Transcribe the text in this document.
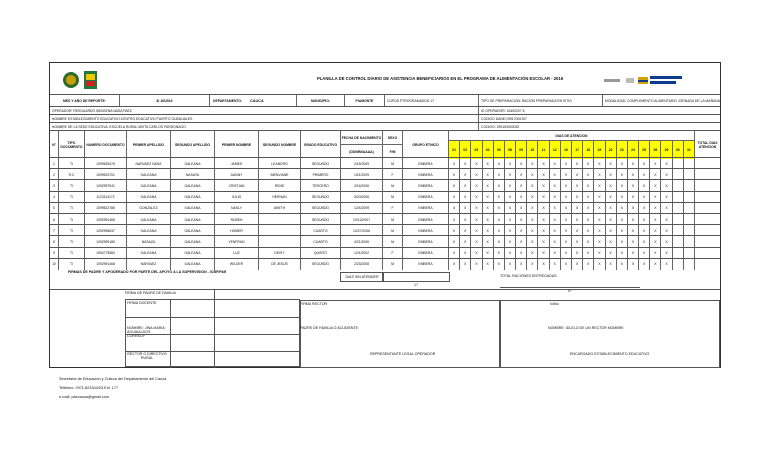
PLANILLA DE CONTROL DIARIO DE ASISTENCIA BENEFICIARIOS EN EL PROGRAMA DE ALIMENTACIÓN ESCOLAR - 2016
MES Y AÑO DE REPORTE:	8/ 16/2016	DEPARTAMENTO:	CAUCA	MUNICIPIO:	PIAMONTE	CUPOS PTROGRAMADOS 17	TIPO DE PREPARACION: RACION PREPARADA EN SITIO	MODALIDAD: COMPLEMENTO ALIMENTARIO JORNADA DE LA MAÑANA
OPERADOR: RESGUARDO INDIGENA NASA PAEZ	ID OPERADOR: 16400207 6
NOMBRE ESTABLECIMIENTO EDUCATIVO:CENTRO EDUCATIVO PUERTO GUADUALES	CODIGO DANE:19917000197
NOMBRE DE LA SEDE EDUCATIVA: ESCUELA RURAL MIXTA CARLOS PARDONAGO	CODIGO: 259153000032
N°	TIPO DOCUMENTO	NUMERO DOCUMENTO	PRIMER APELLIDO	SEGUNDO APELLIDO	PRIMER NOMBRE	SEGUNDO NOMBRE	GRADO EDUCATIVO
FECHA DE NACIMIENTO
(DD/MM/AAAA)
SEXO
F/M
GRUPO ETNICO
DIAS DE ATENCION
TOTAL DIAS ATENCION
01	02	03	04	05	08	09	10	11	12	16	17	18	19	22	23	24	25	26	29	30	31
1	TI	1099525476	NARVAEZ NASA	GALEANA	JAMES	LEANDRO	SEGUNDO	2/15/2009	M	EMBERA	X	X	X	X	X	X	X	X	X	X	X	X	X	X	X	X	X	X	X	X
2	R.C	1099523701	GALEANA	NASAYA	DANNY	BIENVIANE	PRIMERO	10/1/2009	F	EMBERA	X	X	X	X	X	X	X	X	X	X	X	X	X	X	X	X	X	X	X	X
3	TI	1092997941	GALEANA	GALEANA	CRISTIAN	RENE	TERCERO	2/16/2006	M	EMBERA	X	X	X	X	X	X	X	X	X	X	X	X	X	X	X	X	X	X	X	X
4	TI	1123114172	GALEANA	GALEANA	JULIO	HERNAN	SEGUNDO	5/20/2006	M	EMBERA	X	X	X	X	X	X	X	X	X	X	X	X	X	X	X	X	X	X	X	X
5	TI	1099522785	GONZALEZ	GALEANA	NASLY	ANETH	SEGUNDO	12/4/2009	F	EMBERA	X	X	X	X	X	X	X	X	X	X	X	X	X	X	X	X	X	X	X	X
6	TI	1092991468	GALEANA	GALEANA	RUBEN	SEGUNDO	10/12/2007	M	EMBERA	X	X	X	X	X	X	X	X	X	X	X	X	X	X	X	X	X	X	X	X
7	TI	1092996637	GALEANA	GALEANA	HOMER	CUARTO	10/27/2006	M	EMBERA	X	X	X	X	X	X	X	X	X	X	X	X	X	X	X	X	X	X	X	X
8	TI	1092999185	NASAZA	GALEANA	YENFRAN	CUARTO	4/21/2006	M	EMBERA	X	X	X	X	X	X	X	X	X	X	X	X	X	X	X	X	X	X	X	X
9	TI	1094775584	GALEANA	GALEANA	LUZ	DEISY	QUINTO	12/1/2002	F	EMBERA	X	X	X	X	X	X	X	X	X	X	X	X	X	X	X	X	X	X	X	X
10	TI	1092991468	NARVAEZ	GALEANA	WILDER	DE JESUS	SEGUNDO	2/23/2008	M	EMBERA	X	X	X	X	X	X	X	X	X	X	X	X	X	X	X	X	X	X	X	X
FIRMAS DE PADRE Y APODERADO POR PARTE DEL APOYO A LA SUPERVISION - ICBF/PAE
DIAS SIN ATENDER
17
TOTAL RACIONES ENTREGADAS
97
FIRMA DE PADRE DE FAMILIA
NOMBRE: JINA MARIA AGUIAALDOS CORREDY
RECTOR O DIRECTIVO RURAL
FIRMA DOCENTE	FIRMA RECTOR	VoBo
PADRE DE FAMILIA O ACUDIENTE	NOMBRE: IDLELO DE UN RECTOR NOMBRE
REPRESENTANTE LEGAL OPERADOR	ENCARGADO ESTABLECIMIENTO EDUCATIVO
Secretaría de Educación y Cultura del Departamento del Cauca
Teléfono: 2971-8233/4203 Ext. 177
e-mail: paecauca@gmail.com
